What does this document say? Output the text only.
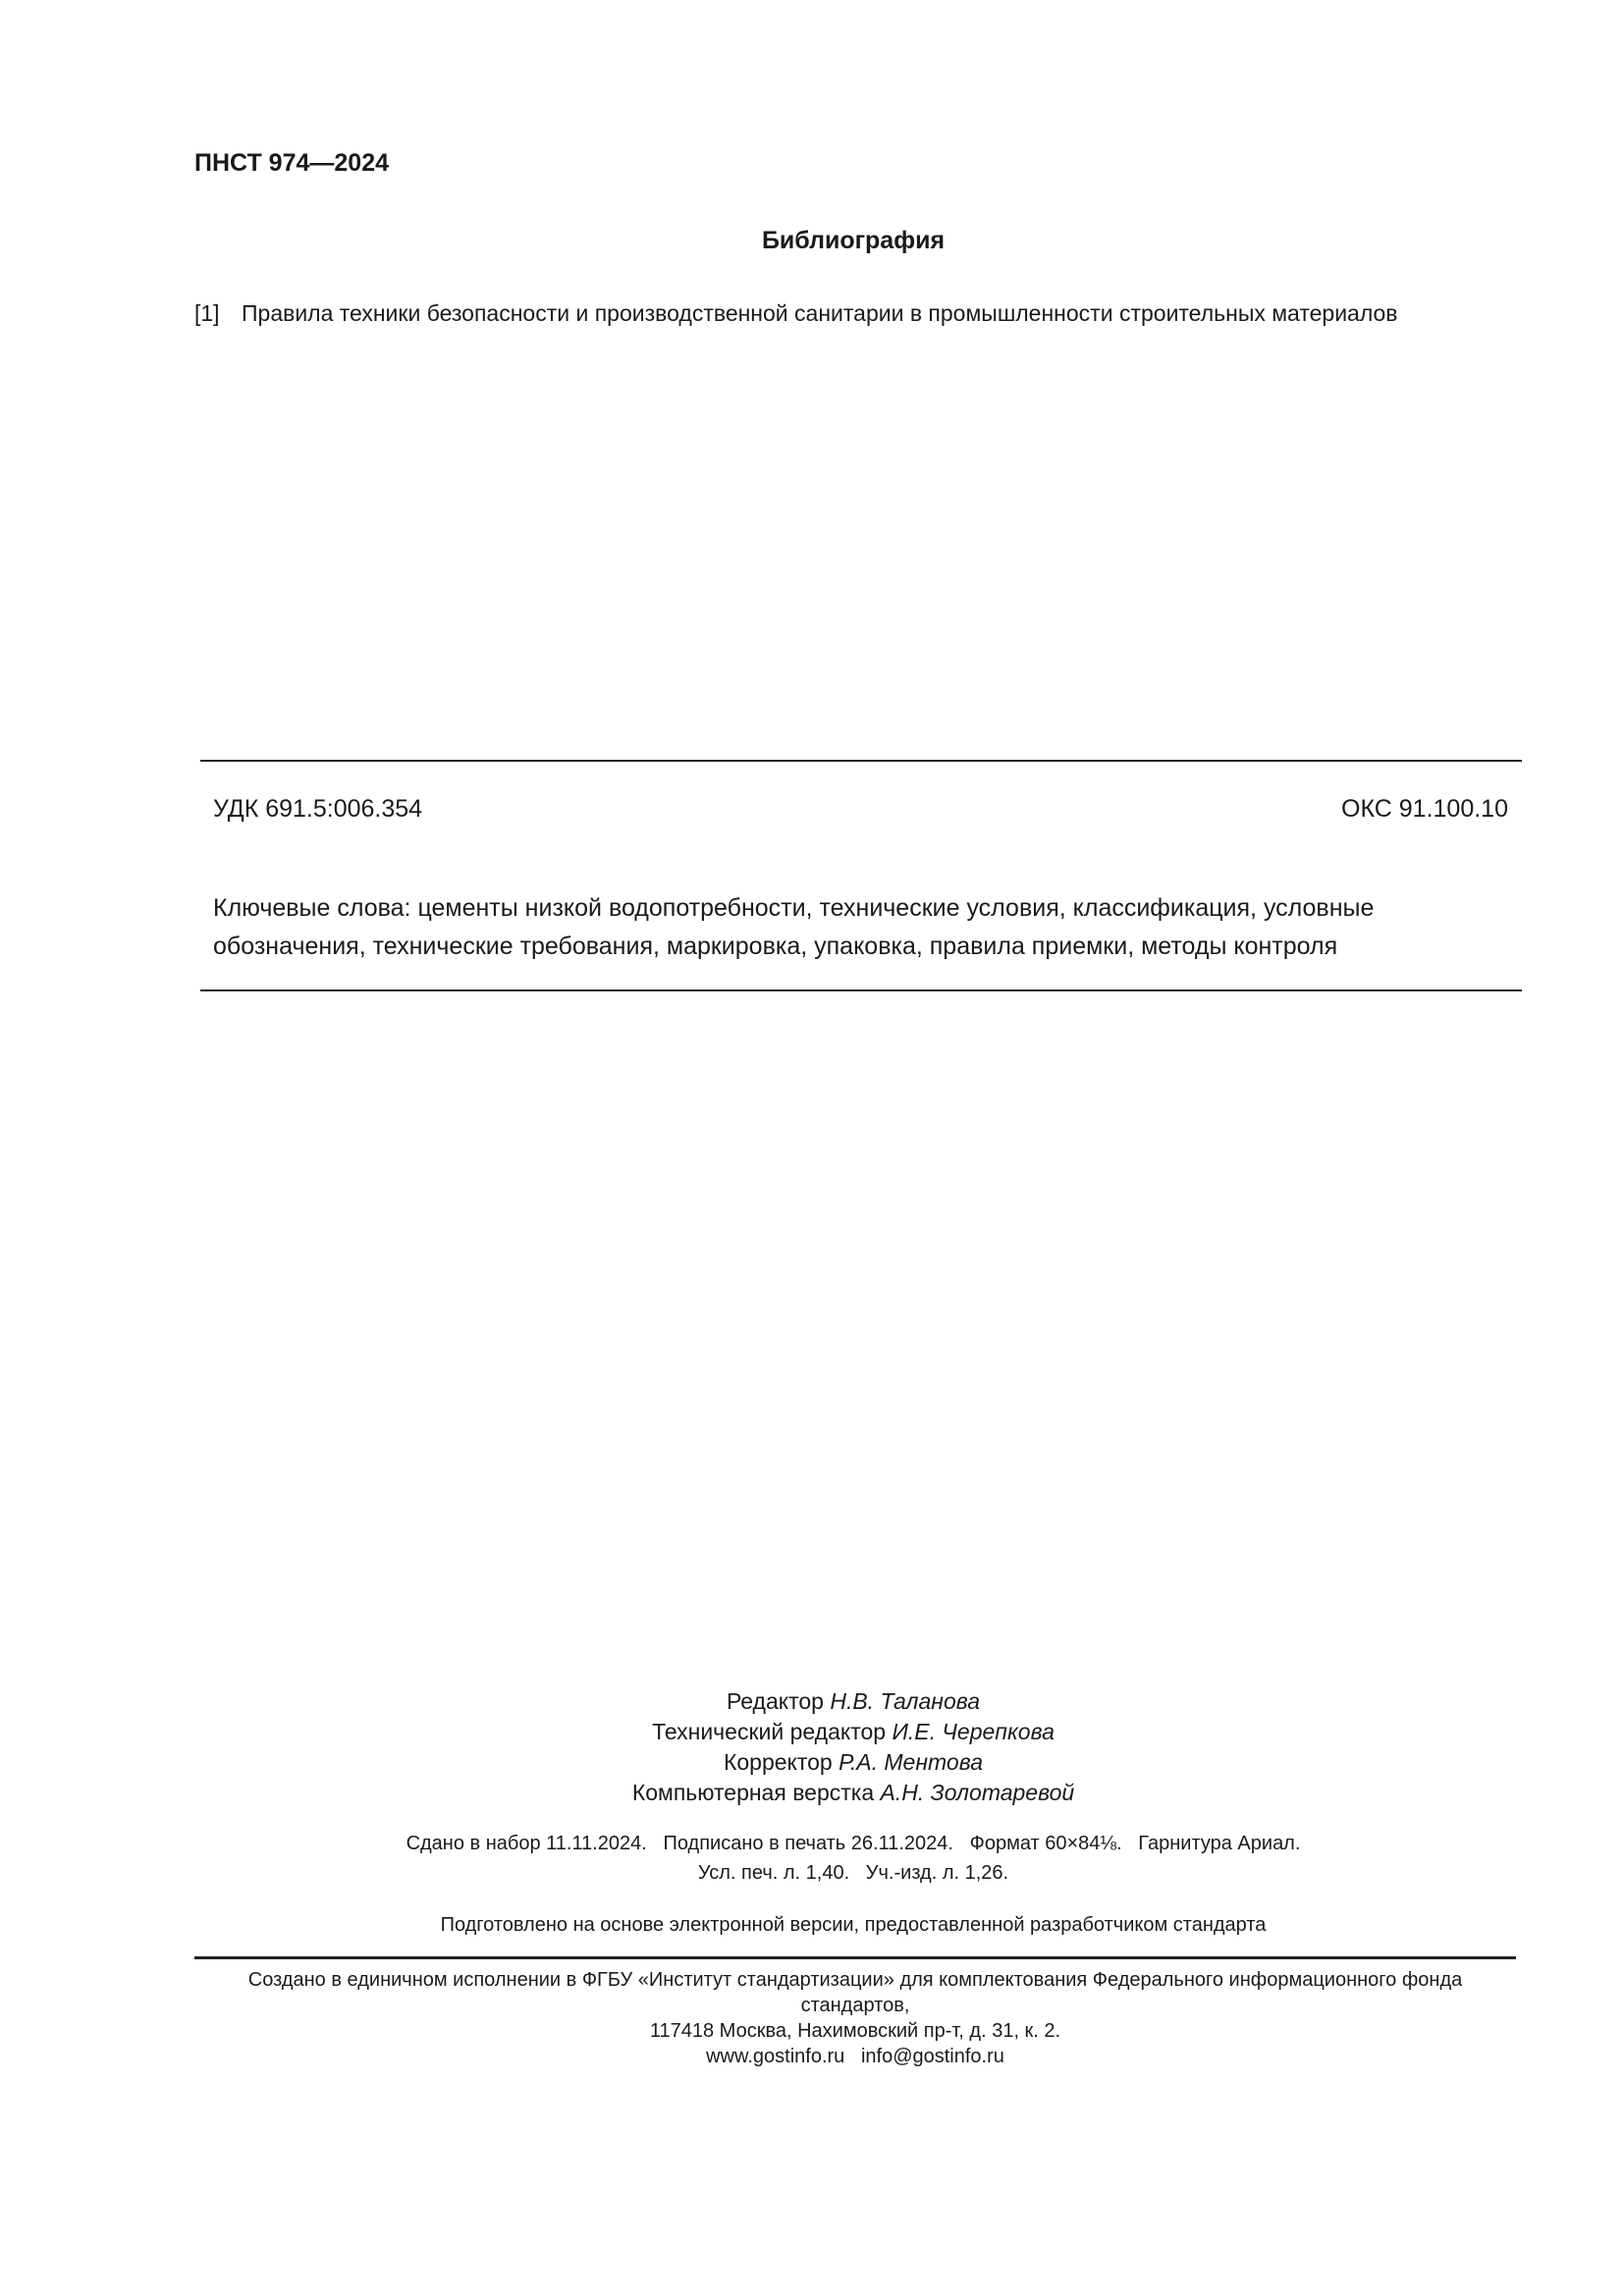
ПНСТ 974—2024
Библиография
[1] Правила техники безопасности и производственной санитарии в промышленности строительных материалов
УДК 691.5:006.354	ОКС 91.100.10
Ключевые слова: цементы низкой водопотребности, технические условия, классификация, условные обозначения, технические требования, маркировка, упаковка, правила приемки, методы контроля
Редактор Н.В. Таланова
Технический редактор И.Е. Черепкова
Корректор Р.А. Ментова
Компьютерная верстка А.Н. Золотаревой
Сдано в набор 11.11.2024.   Подписано в печать 26.11.2024.   Формат 60×84⅛.   Гарнитура Ариал.
Усл. печ. л. 1,40.   Уч.-изд. л. 1,26.
Подготовлено на основе электронной версии, предоставленной разработчиком стандарта
Создано в единичном исполнении в ФГБУ «Институт стандартизации» для комплектования Федерального информационного фонда стандартов,
117418 Москва, Нахимовский пр-т, д. 31, к. 2.
www.gostinfo.ru info@gostinfo.ru
